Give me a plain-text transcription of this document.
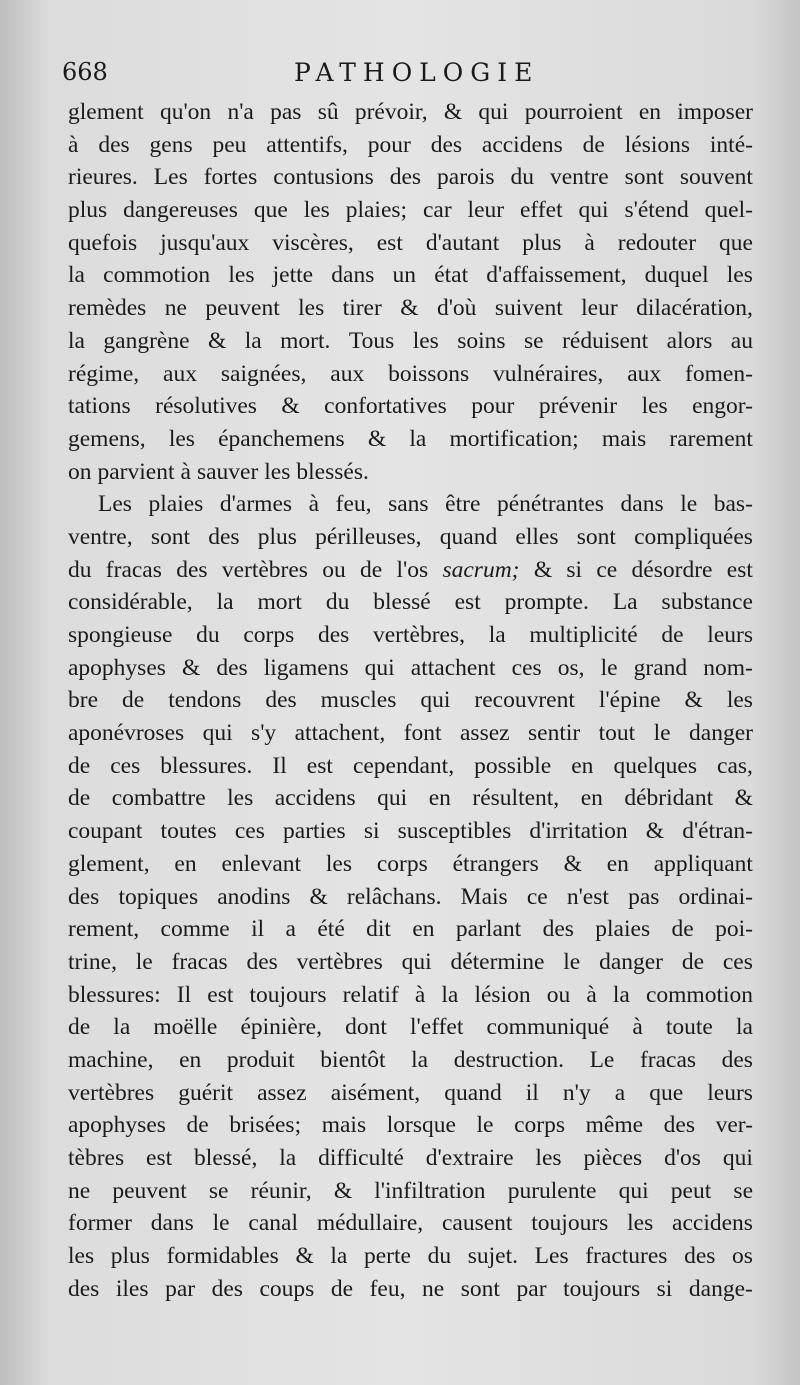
668	PATHOLOGIE
glement qu'on n'a pas sû prévoir, & qui pourroient en imposer
à des gens peu attentifs, pour des accidens de lésions inté-
rieures. Les fortes contusions des parois du ventre sont souvent
plus dangereuses que les plaies; car leur effet qui s'étend quel-
quefois jusqu'aux viscères, est d'autant plus à redouter que
la commotion les jette dans un état d'affaissement, duquel les
remèdes ne peuvent les tirer & d'où suivent leur dilacération,
la gangrène & la mort. Tous les soins se réduisent alors au
régime, aux saignées, aux boissons vulnéraires, aux fomen-
tations résolutives & confortatives pour prévenir les engor-
gemens, les épanchemens & la mortification; mais rarement
on parvient à sauver les blessés.
Les plaies d'armes à feu, sans être pénétrantes dans le bas-
ventre, sont des plus périlleuses, quand elles sont compliquées
du fracas des vertèbres ou de l'os sacrum; & si ce désordre est
considérable, la mort du blessé est prompte. La substance
spongieuse du corps des vertèbres, la multiplicité de leurs
apophyses & des ligamens qui attachent ces os, le grand nom-
bre de tendons des muscles qui recouvrent l'épine & les
aponévroses qui s'y attachent, font assez sentir tout le danger
de ces blessures. Il est cependant, possible en quelques cas,
de combattre les accidens qui en résultent, en débridant &
coupant toutes ces parties si susceptibles d'irritation & d'étran-
glement, en enlevant les corps étrangers & en appliquant
des topiques anodins & relâchans. Mais ce n'est pas ordinai-
rement, comme il a été dit en parlant des plaies de poi-
trine, le fracas des vertèbres qui détermine le danger de ces
blessures: Il est toujours relatif à la lésion ou à la commotion
de la moëlle épinière, dont l'effet communiqué à toute la
machine, en produit bientôt la destruction. Le fracas des
vertèbres guérit assez aisément, quand il n'y a que leurs
apophyses de brisées; mais lorsque le corps même des ver-
tèbres est blessé, la difficulté d'extraire les pièces d'os qui
ne peuvent se réunir, & l'infiltration purulente qui peut se
former dans le canal médullaire, causent toujours les accidens
les plus formidables & la perte du sujet. Les fractures des os
des iles par des coups de feu, ne sont par toujours si dange-
